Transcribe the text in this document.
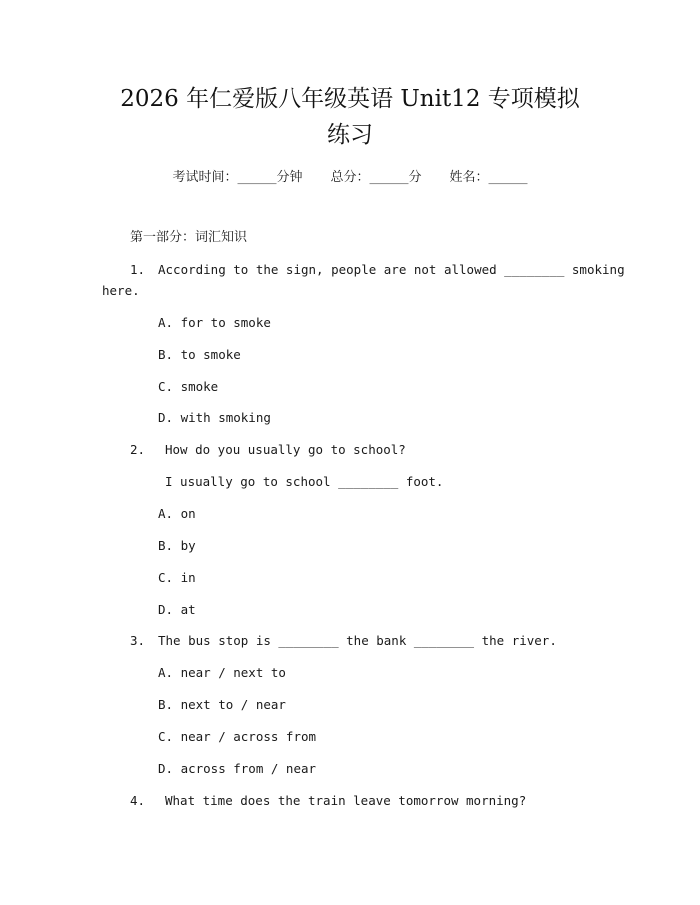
2026 年仁爱版八年级英语 Unit12 专项模拟
练习
考试时间：______分钟 总分：______分 姓名：______
第一部分：词汇知识
1. According to the sign, people are not allowed ________ smoking
here.
A. for to smoke
B. to smoke
C. smoke
D. with smoking
2. How do you usually go to school?
I usually go to school ________ foot.
A. on
B. by
C. in
D. at
3. The bus stop is ________ the bank ________ the river.
A. near / next to
B. next to / near
C. near / across from
D. across from / near
4. What time does the train leave tomorrow morning?
